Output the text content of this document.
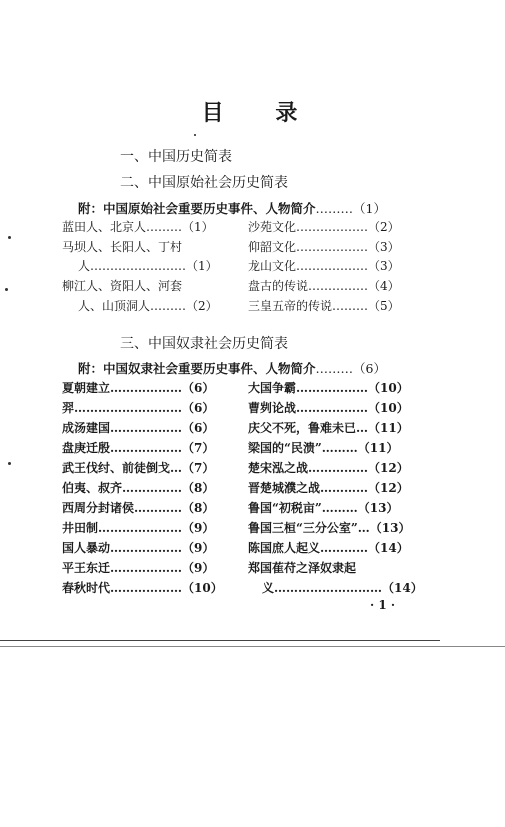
目 录
一、中国历史简表
二、中国原始社会历史简表
附：中国原始社会重要历史事件、人物简介………（1）
蓝田人、北京人………（1）
马坝人、长阳人、丁村
人……………………（1）
柳江人、资阳人、河套
人、山顶洞人………（2）
沙苑文化………………（2）
仰韶文化………………（3）
龙山文化………………（3）
盘古的传说……………（4）
三皇五帝的传说………（5）
三、中国奴隶社会历史简表
附：中国奴隶社会重要历史事件、人物简介………（6）
夏朝建立………………（6）
羿………………………（6）
成汤建国………………（6）
盘庚迁殷………………（7）
武王伐纣、前徒倒戈…（7）
伯夷、叔齐……………（8）
西周分封诸侯…………（8）
井田制…………………（9）
国人暴动………………（9）
平王东迁………………（9）
春秋时代………………（10）
大国争霸………………（10）
曹刿论战………………（10）
庆父不死，鲁难未已…（11）
梁国的“民溃”………（11）
楚宋泓之战……………（12）
晋楚城濮之战…………（12）
鲁国“初税亩”………（13）
鲁国三桓“三分公室”…（13）
陈国庶人起义…………（14）
郑国萑苻之泽奴隶起
义………………………（14）
· 1 ·
